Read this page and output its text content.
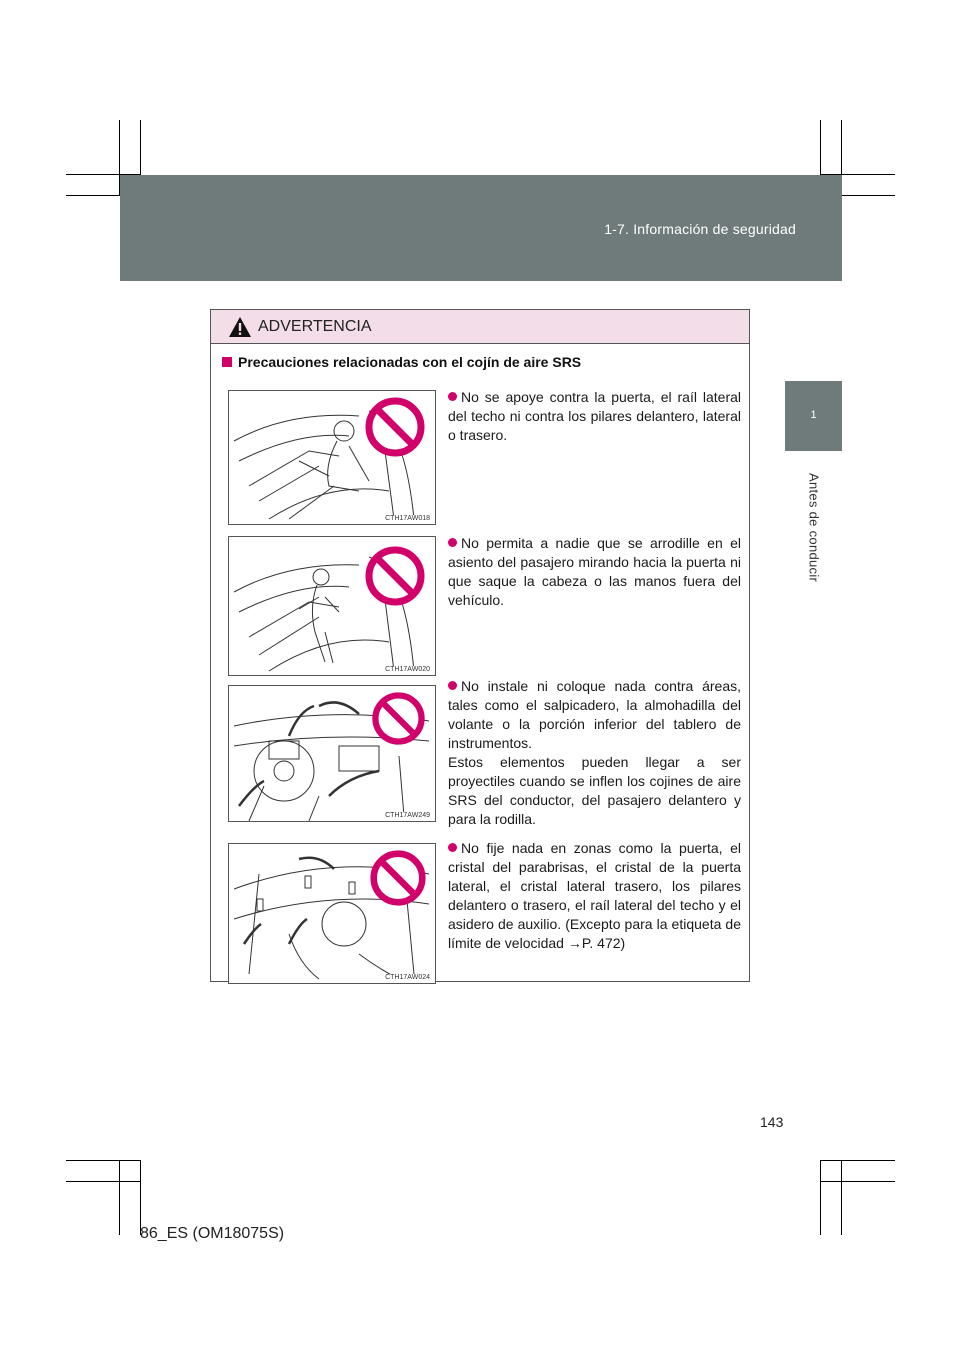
1-7. Información de seguridad
1
Antes de conducir
ADVERTENCIA
Precauciones relacionadas con el cojín de aire SRS
CTH17AW018
No se apoye contra la puerta, el raíl lateral del techo ni contra los pilares delantero, lateral o trasero.
CTH17AW020
No permita a nadie que se arrodille en el asiento del pasajero mirando hacia la puerta ni que saque la cabeza o las manos fuera del vehículo.
CTH17AW249
No instale ni coloque nada contra áreas, tales como el salpicadero, la almohadilla del volante o la porción inferior del tablero de instrumentos.
Estos elementos pueden llegar a ser proyectiles cuando se inflen los cojines de aire SRS del conductor, del pasajero delantero y para la rodilla.
CTH17AW024
No fije nada en zonas como la puerta, el cristal del parabrisas, el cristal de la puerta lateral, el cristal lateral trasero, los pilares delantero o trasero, el raíl lateral del techo y el asidero de auxilio. (Excepto para la etiqueta de límite de velocidad →P. 472)
143
86_ES (OM18075S)
